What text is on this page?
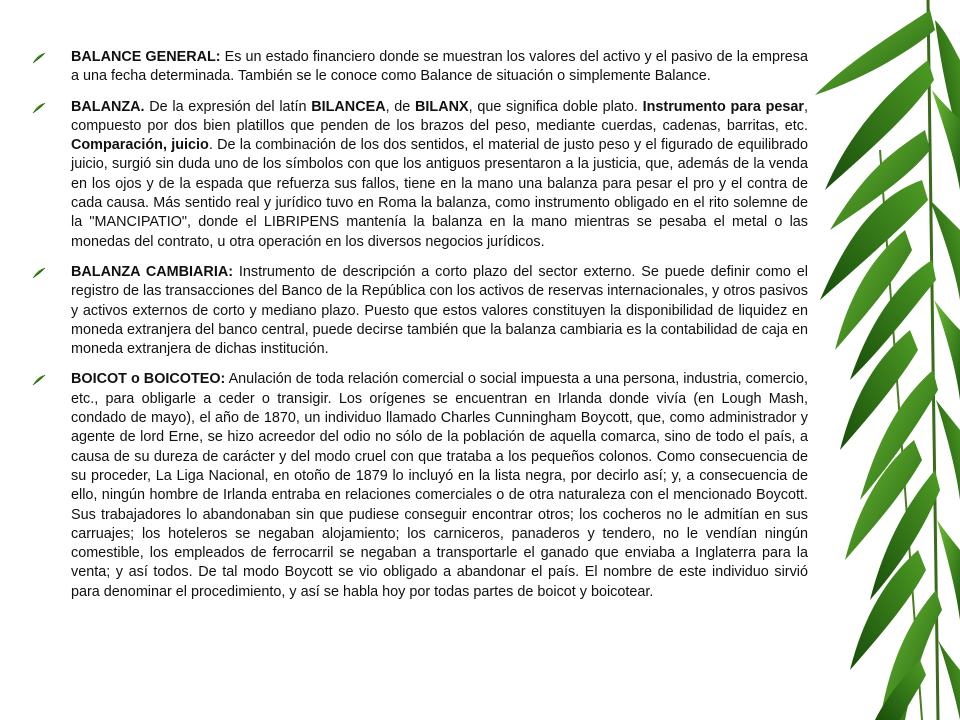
BALANCE GENERAL: Es un estado financiero donde se muestran los valores del activo y el pasivo de la empresa a una fecha determinada. También se le conoce como Balance de situación o simplemente Balance.
BALANZA. De la expresión del latín BILANCEA, de BILANX, que significa doble plato. Instrumento para pesar, compuesto por dos bien platillos que penden de los brazos del peso, mediante cuerdas, cadenas, barritas, etc. Comparación, juicio. De la combinación de los dos sentidos, el material de justo peso y el figurado de equilibrado juicio, surgió sin duda uno de los símbolos con que los antiguos presentaron a la justicia, que, además de la venda en los ojos y de la espada que refuerza sus fallos, tiene en la mano una balanza para pesar el pro y el contra de cada causa. Más sentido real y jurídico tuvo en Roma la balanza, como instrumento obligado en el rito solemne de la "MANCIPATIO", donde el LIBRIPENS mantenía la balanza en la mano mientras se pesaba el metal o las monedas del contrato, u otra operación en los diversos negocios jurídicos.
BALANZA CAMBIARIA: Instrumento de descripción a corto plazo del sector externo. Se puede definir como el registro de las transacciones del Banco de la República con los activos de reservas internacionales, y otros pasivos y activos externos de corto y mediano plazo. Puesto que estos valores constituyen la disponibilidad de liquidez en moneda extranjera del banco central, puede decirse también que la balanza cambiaria es la contabilidad de caja en moneda extranjera de dichas institución.
BOICOT o BOICOTEO: Anulación de toda relación comercial o social impuesta a una persona, industria, comercio, etc., para obligarle a ceder o transigir. Los orígenes se encuentran en Irlanda donde vivía (en Lough Mash, condado de mayo), el año de 1870, un individuo llamado Charles Cunningham Boycott, que, como administrador y agente de lord Erne, se hizo acreedor del odio no sólo de la población de aquella comarca, sino de todo el país, a causa de su dureza de carácter y del modo cruel con que trataba a los pequeños colonos. Como consecuencia de su proceder, La Liga Nacional, en otoño de 1879 lo incluyó en la lista negra, por decirlo así; y, a consecuencia de ello, ningún hombre de Irlanda entraba en relaciones comerciales o de otra naturaleza con el mencionado Boycott. Sus trabajadores lo abandonaban sin que pudiese conseguir encontrar otros; los cocheros no le admitían en sus carruajes; los hoteleros se negaban alojamiento; los carniceros, panaderos y tendero, no le vendían ningún comestible, los empleados de ferrocarril se negaban a transportarle el ganado que enviaba a Inglaterra para la venta; y así todos. De tal modo Boycott se vio obligado a abandonar el país. El nombre de este individuo sirvió para denominar el procedimiento, y así se habla hoy por todas partes de boicot y boicotear.
